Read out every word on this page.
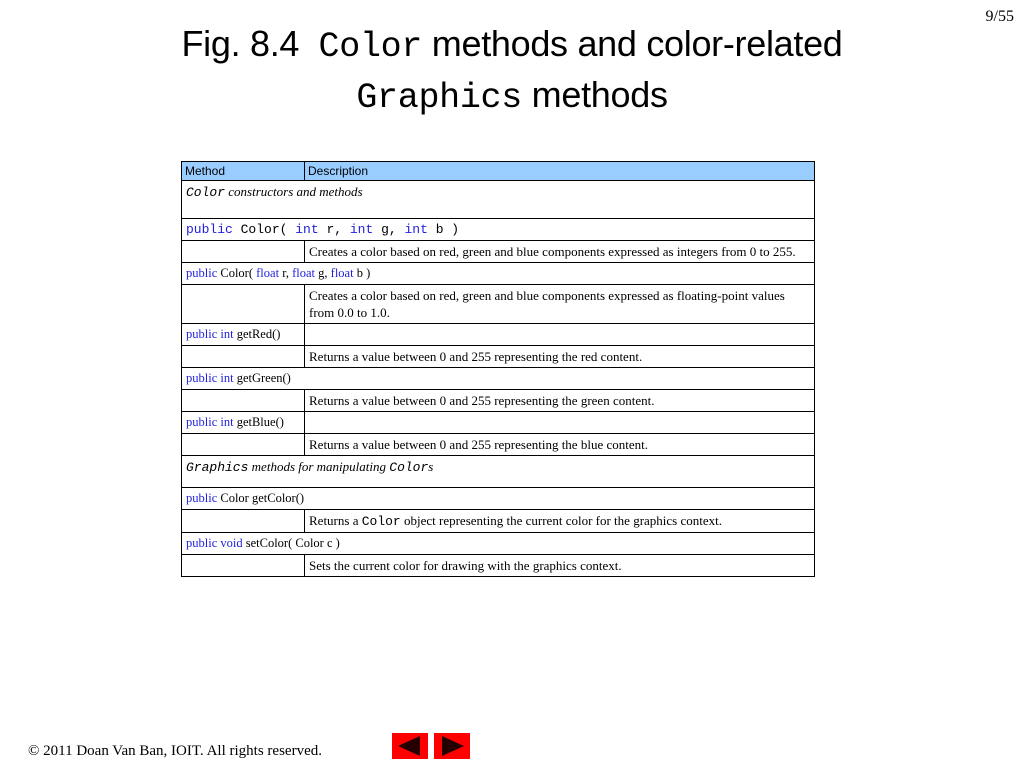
9/55
Fig. 8.4 Color methods and color-related
Graphics methods
Method	Description
Color constructors and methods	
public Color( int r, int g, int b )	
	Creates a color based on red, green and blue components expressed as integers from 0 to 255.
public Color( float r, float g, float b )	
	Creates a color based on red, green and blue components expressed as floating-point values from 0.0 to 1.0.
public int getRed()	
	Returns a value between 0 and 255 representing the red content.
public int getGreen()	
	Returns a value between 0 and 255 representing the green content.
public int getBlue()	
	Returns a value between 0 and 255 representing the blue content.
Graphics methods for manipulating Colors	
public Color getColor()	
	Returns a Color object representing the current color for the graphics context.
public void setColor( Color c )	
	Sets the current color for drawing with the graphics context.
© 2011 Doan Van Ban, IOIT. All rights reserved.
